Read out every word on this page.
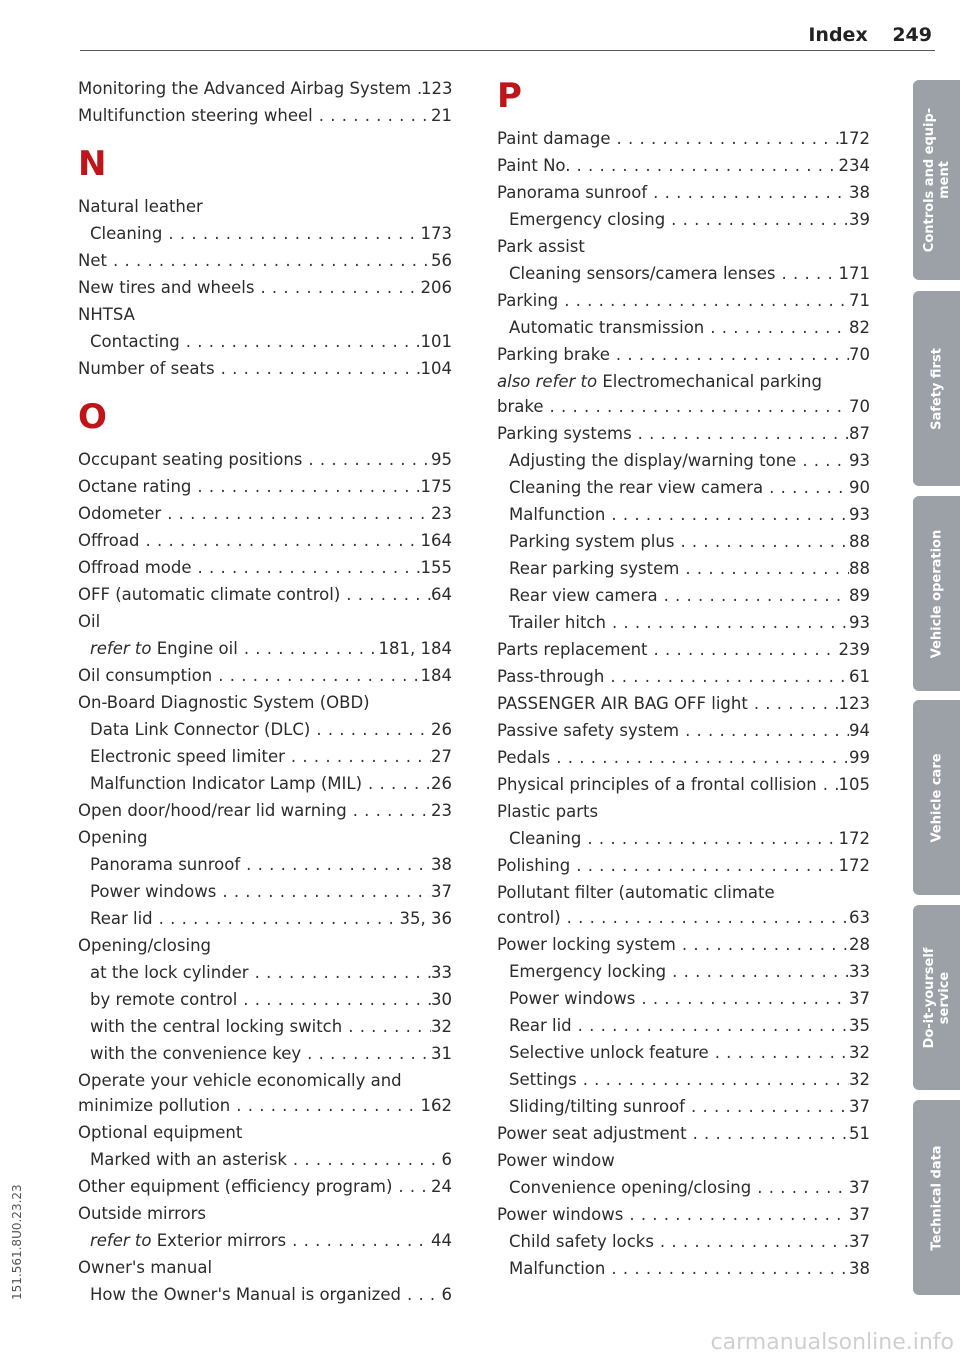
Index 249
Monitoring the Advanced Airbag System . . . 123
Multifunction steering wheel . . .	21
N
Natural leather
Cleaning . . .	173
Net . . .	56
New tires and wheels . . .	206
NHTSA
Contacting . . .	101
Number of seats . . .	104
O
Occupant seating positions . . .	95
Octane rating . . .	175
Odometer . . .	23
Offroad . . .	164
Offroad mode . . .	155
OFF (automatic climate control) . . .	64
Oil
refer to Engine oil . . .	181, 184
Oil consumption . . .	184
On-Board Diagnostic System (OBD)
Data Link Connector (DLC) . . .	26
Electronic speed limiter . . .	27
Malfunction Indicator Lamp (MIL) . . .	26
Open door/hood/rear lid warning . . .	23
Opening
Panorama sunroof . . .	38
Power windows . . .	37
Rear lid . . .	35, 36
Opening/closing
at the lock cylinder . . .	33
by remote control . . .	30
with the central locking switch . . .	32
with the convenience key . . .	31
Operate your vehicle economically and
minimize pollution . . .	162
Optional equipment
Marked with an asterisk . . .	6
Other equipment (efficiency program) . . . 24
Outside mirrors
refer to Exterior mirrors . . .	44
Owner's manual
How the Owner's Manual is organized . . . 6
P
Paint damage . . .	172
Paint No. . . .	234
Panorama sunroof . . .	38
Emergency closing . . .	39
Park assist
Cleaning sensors/camera lenses . . .	171
Parking . . .	71
Automatic transmission . . .	82
Parking brake . . .	70
also refer to Electromechanical parking
brake . . .	70
Parking systems . . .	87
Adjusting the display/warning tone . . .	93
Cleaning the rear view camera . . .	90
Malfunction . . .	93
Parking system plus . . .	88
Rear parking system . . .	88
Rear view camera . . .	89
Trailer hitch . . .	93
Parts replacement . . .	239
Pass-through . . .	61
PASSENGER AIR BAG OFF light . . .	123
Passive safety system . . .	94
Pedals . . .	99
Physical principles of a frontal collision . . . 105
Plastic parts
Cleaning . . .	172
Polishing . . .	172
Pollutant filter (automatic climate
control) . . .	63
Power locking system . . .	28
Emergency locking . . .	33
Power windows . . .	37
Rear lid . . .	35
Selective unlock feature . . .	32
Settings . . .	32
Sliding/tilting sunroof . . .	37
Power seat adjustment . . .	51
Power window
Convenience opening/closing . . .	37
Power windows . . .	37
Child safety locks . . .	37
Malfunction . . .	38
Controls and equip-
ment
Safety first
Vehicle operation
Vehicle care
Do-it-yourself
service
Technical data
151.561.8U0.23.23
carmanualsonline.info
